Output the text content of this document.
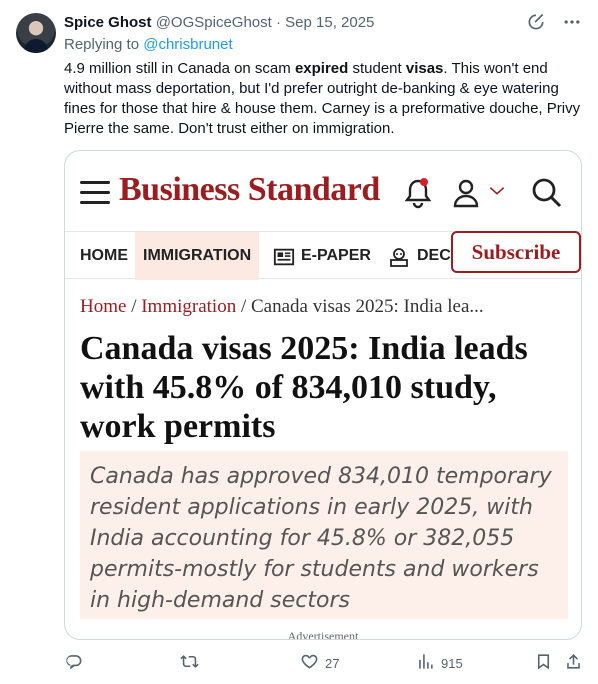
Spice Ghost @OGSpiceGhost · Sep 15, 2025
Replying to @chrisbrunet
4.9 million still in Canada on scam expired student visas. This won't end without mass deportation, but I'd prefer outright de-banking & eye watering fines for those that hire & house them. Carney is a preformative douche, Privy Pierre the same. Don't trust either on immigration.
Business Standard
HOME IMMIGRATION	E-PAPER	DEC Subscribe
Home / Immigration / Canada visas 2025: India lea...
Canada visas 2025: India leads with 45.8% of 834,010 study, work permits
Canada has approved 834,010 temporary resident applications in early 2025, with India accounting for 45.8% or 382,055 permits-mostly for students and workers in high-demand sectors
Advertisement
27	915
